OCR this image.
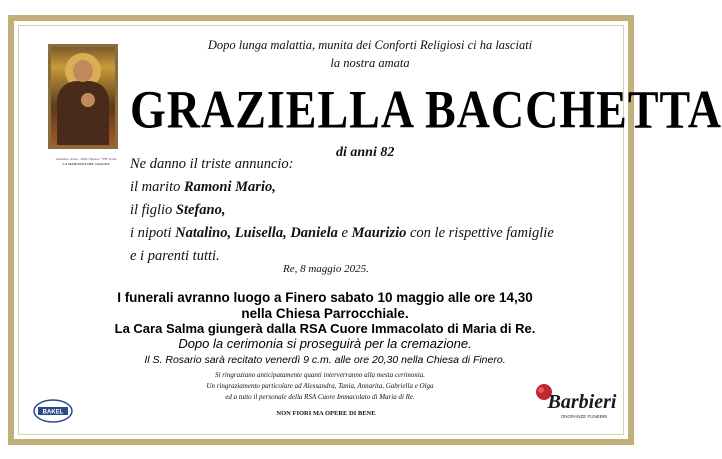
Santuario di Re - Valle Vigezzo "VB" Italia
LA MADONNA DEL SANGUE
Dopo lunga malattia, munita dei Conforti Religiosi ci ha lasciati
la nostra amata
GRAZIELLA BACCHETTA
di anni 82
Ne danno il triste annuncio:
il marito Ramoni Mario,
il figlio Stefano,
i nipoti Natalino, Luisella, Daniela e Maurizio con le rispettive famiglie
e i parenti tutti.
Re, 8 maggio 2025.
I funerali avranno luogo a Finero sabato 10 maggio alle ore 14,30
nella Chiesa Parrocchiale.
La Cara Salma giungerà dalla RSA Cuore Immacolato di Maria di Re.
Dopo la cerimonia si proseguirà per la cremazione.
Il S. Rosario sarà recitato venerdì 9 c.m. alle ore 20,30 nella Chiesa di Finero.
Si ringraziano anticipatamente quanti interverranno alla mesta cerimonia.
Un ringraziamento particolare ad Alessandra, Tania, Annarita, Gabriella e Olga
ed a tutto il personale della RSA Cuore Immacolato di Maria di Re.
NON FIORI MA OPERE DI BENE
BAKEL	Barbieri
ONORANZE FUNEBRI
